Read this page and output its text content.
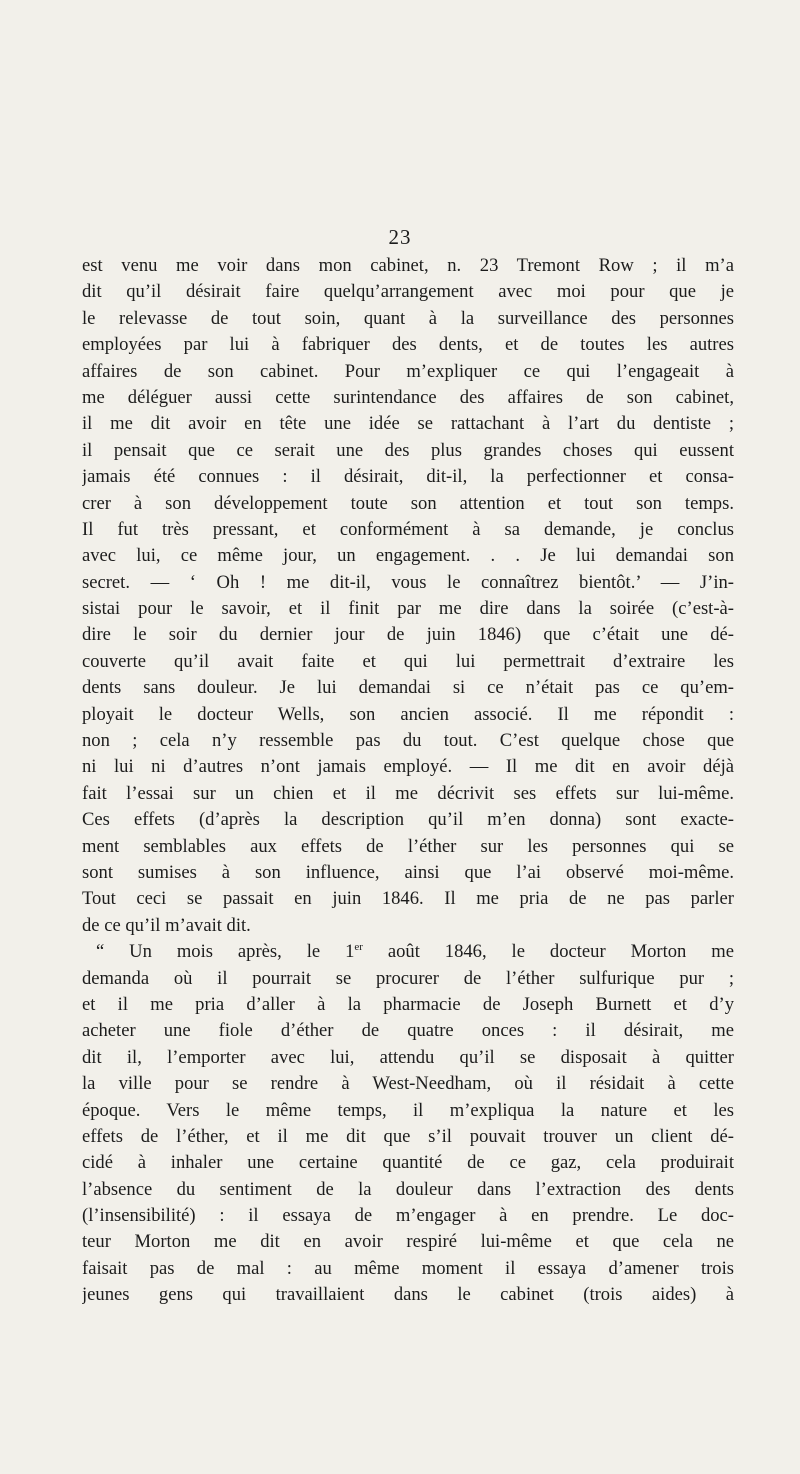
23
est venu me voir dans mon cabinet, n. 23 Tremont Row ; il m’a
dit qu’il désirait faire quelqu’arrangement avec moi pour que je
le relevasse de tout soin, quant à la surveillance des personnes
employées par lui à fabriquer des dents, et de toutes les autres
affaires de son cabinet. Pour m’expliquer ce qui l’engageait à
me déléguer aussi cette surintendance des affaires de son cabinet,
il me dit avoir en tête une idée se rattachant à l’art du dentiste ;
il pensait que ce serait une des plus grandes choses qui eussent
jamais été connues : il désirait, dit-il, la perfectionner et consa-
crer à son développement toute son attention et tout son temps.
Il fut très pressant, et conformément à sa demande, je conclus
avec lui, ce même jour, un engagement. . . Je lui demandai son
secret. — ‘ Oh ! me dit-il, vous le connaîtrez bientôt.’ — J’in-
sistai pour le savoir, et il finit par me dire dans la soirée (c’est-à-
dire le soir du dernier jour de juin 1846) que c’était une dé-
couverte qu’il avait faite et qui lui permettrait d’extraire les
dents sans douleur. Je lui demandai si ce n’était pas ce qu’em-
ployait le docteur Wells, son ancien associé. Il me répondit :
non ; cela n’y ressemble pas du tout. C’est quelque chose que
ni lui ni d’autres n’ont jamais employé. — Il me dit en avoir déjà
fait l’essai sur un chien et il me décrivit ses effets sur lui-même.
Ces effets (d’après la description qu’il m’en donna) sont exacte-
ment semblables aux effets de l’éther sur les personnes qui se
sont sumises à son influence, ainsi que l’ai observé moi-même.
Tout ceci se passait en juin 1846. Il me pria de ne pas parler
de ce qu’il m’avait dit.
“ Un mois après, le 1er août 1846, le docteur Morton me
demanda où il pourrait se procurer de l’éther sulfurique pur ;
et il me pria d’aller à la pharmacie de Joseph Burnett et d’y
acheter une fiole d’éther de quatre onces : il désirait, me
dit il, l’emporter avec lui, attendu qu’il se disposait à quitter
la ville pour se rendre à West-Needham, où il résidait à cette
époque. Vers le même temps, il m’expliqua la nature et les
effets de l’éther, et il me dit que s’il pouvait trouver un client dé-
cidé à inhaler une certaine quantité de ce gaz, cela produirait
l’absence du sentiment de la douleur dans l’extraction des dents
(l’insensibilité) : il essaya de m’engager à en prendre. Le doc-
teur Morton me dit en avoir respiré lui-même et que cela ne
faisait pas de mal : au même moment il essaya d’amener trois
jeunes gens qui travaillaient dans le cabinet (trois aides) à
